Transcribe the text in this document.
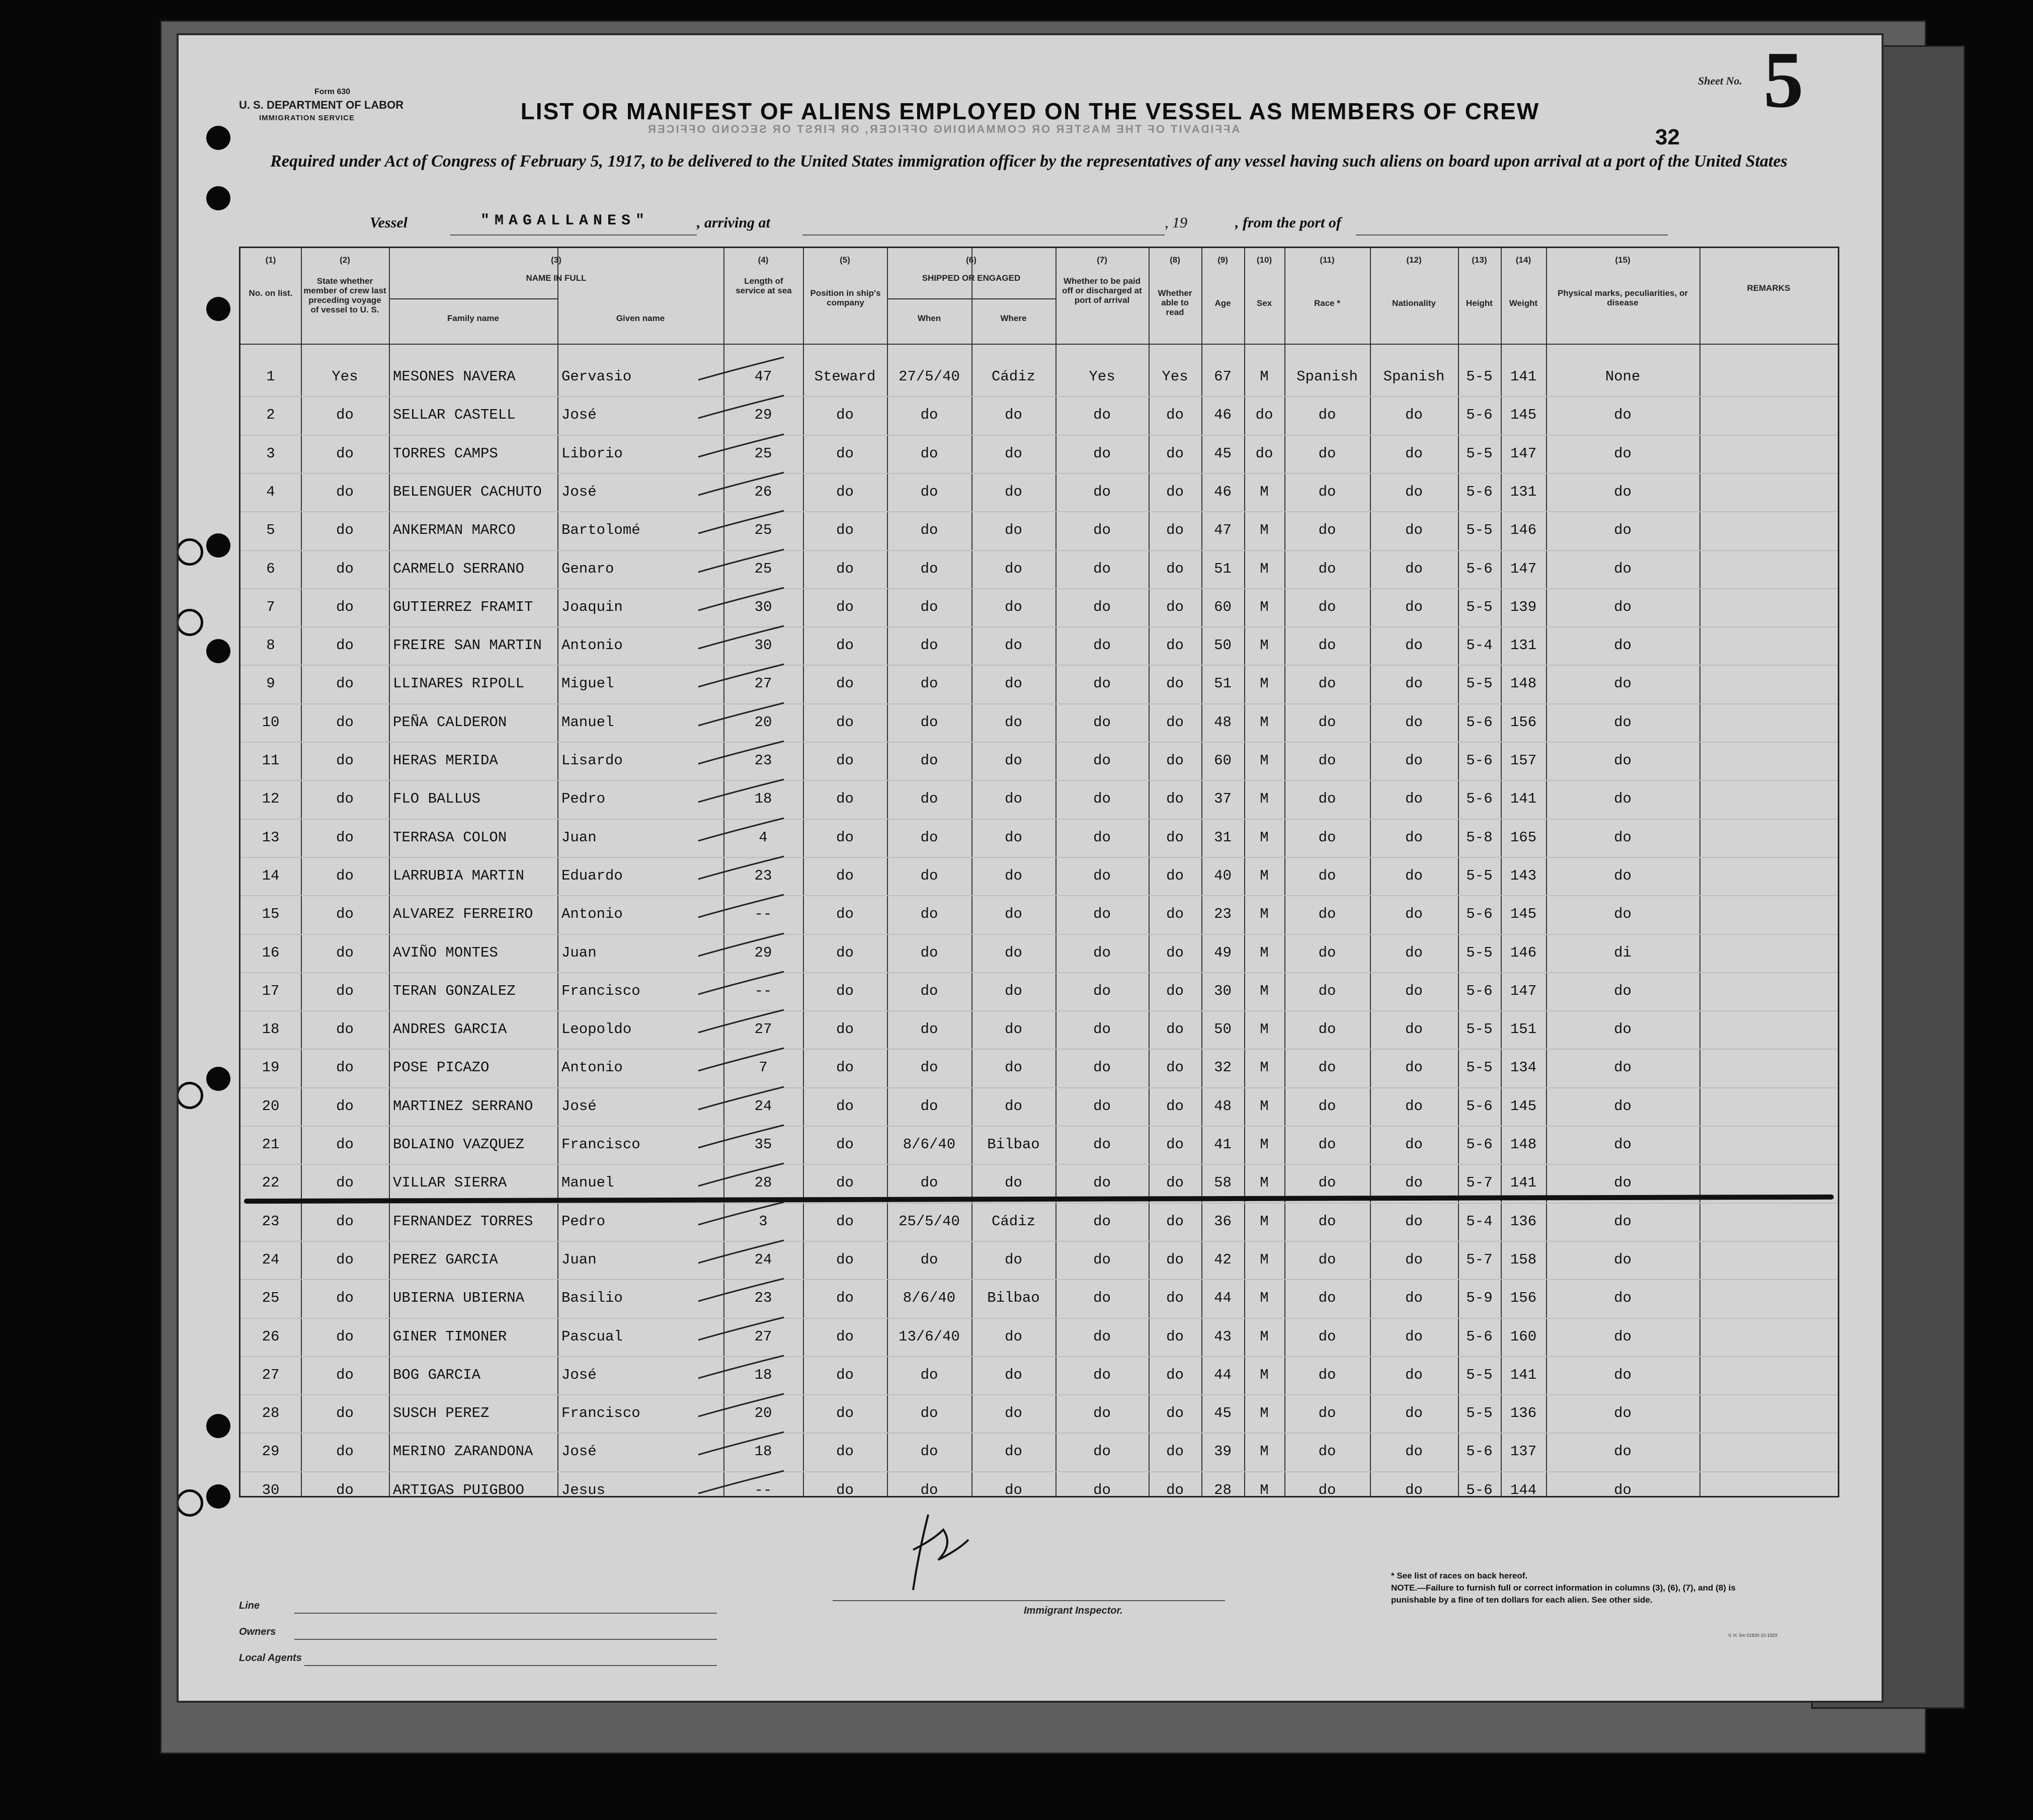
Form 630
U. S. DEPARTMENT OF LABOR
IMMIGRATION SERVICE
Sheet No. 5
LIST OR MANIFEST OF ALIENS EMPLOYED ON THE VESSEL AS MEMBERS OF CREW
AFFIDAVIT OF THE MASTER OR COMMANDING OFFICER, OR FIRST OR SECOND OFFICER	32
Required under Act of Congress of February 5, 1917, to be delivered to the United States immigration officer by the representatives of any vessel having such aliens on board upon arrival at a port of the United States
Vessel	"MAGALLANES"	, arriving at	, 19	, from the port of
(1)	(2)	(3)	(4)	(5)	(6)	(7)	(8)	(9)	(10)	(11)	(12)	(13)	(14)	(15)
No. on list.
State whether member of crew last preceding voyage of vessel to U. S.
NAME IN FULL
Family name	Given name
Length of service at sea	Position in ship's company
SHIPPED OR ENGAGED
When	Where
Whether to be paid off or discharged at port of arrival
Whether able to read
Age	Sex	Race *	Nationality	Height	Weight
Physical marks, peculiarities, or disease
REMARKS
1	Yes	MESONES NAVERA	Gervasio	47	Steward	27/5/40	Cádiz	Yes	Yes	67	M	Spanish	Spanish	5-5	141	None
2	do	SELLAR CASTELL	José	29	do	do	do	do	do	46	do	do	do	5-6	145	do
3	do	TORRES CAMPS	Liborio	25	do	do	do	do	do	45	do	do	do	5-5	147	do
4	do	BELENGUER CACHUTO	José	26	do	do	do	do	do	46	M	do	do	5-6	131	do
5	do	ANKERMAN MARCO	Bartolomé	25	do	do	do	do	do	47	M	do	do	5-5	146	do
6	do	CARMELO SERRANO	Genaro	25	do	do	do	do	do	51	M	do	do	5-6	147	do
7	do	GUTIERREZ FRAMIT	Joaquin	30	do	do	do	do	do	60	M	do	do	5-5	139	do
8	do	FREIRE SAN MARTIN	Antonio	30	do	do	do	do	do	50	M	do	do	5-4	131	do
9	do	LLINARES RIPOLL	Miguel	27	do	do	do	do	do	51	M	do	do	5-5	148	do
10	do	PEÑA CALDERON	Manuel	20	do	do	do	do	do	48	M	do	do	5-6	156	do
11	do	HERAS MERIDA	Lisardo	23	do	do	do	do	do	60	M	do	do	5-6	157	do
12	do	FLO BALLUS	Pedro	18	do	do	do	do	do	37	M	do	do	5-6	141	do
13	do	TERRASA COLON	Juan	4	do	do	do	do	do	31	M	do	do	5-8	165	do
14	do	LARRUBIA MARTIN	Eduardo	23	do	do	do	do	do	40	M	do	do	5-5	143	do
15	do	ALVAREZ FERREIRO	Antonio	--	do	do	do	do	do	23	M	do	do	5-6	145	do
16	do	AVIÑO MONTES	Juan	29	do	do	do	do	do	49	M	do	do	5-5	146	di
17	do	TERAN GONZALEZ	Francisco	--	do	do	do	do	do	30	M	do	do	5-6	147	do
18	do	ANDRES GARCIA	Leopoldo	27	do	do	do	do	do	50	M	do	do	5-5	151	do
19	do	POSE PICAZO	Antonio	7	do	do	do	do	do	32	M	do	do	5-5	134	do
20	do	MARTINEZ SERRANO	José	24	do	do	do	do	do	48	M	do	do	5-6	145	do
21	do	BOLAINO VAZQUEZ	Francisco	35	do	8/6/40	Bilbao	do	do	41	M	do	do	5-6	148	do
22	do	VILLAR SIERRA	Manuel	28	do	do	do	do	do	58	M	do	do	5-7	141	do
23	do	FERNANDEZ TORRES	Pedro	3	do	25/5/40	Cádiz	do	do	36	M	do	do	5-4	136	do
24	do	PEREZ GARCIA	Juan	24	do	do	do	do	do	42	M	do	do	5-7	158	do
25	do	UBIERNA UBIERNA	Basilio	23	do	8/6/40	Bilbao	do	do	44	M	do	do	5-9	156	do
26	do	GINER TIMONER	Pascual	27	do	13/6/40	do	do	do	43	M	do	do	5-6	160	do
27	do	BOG GARCIA	José	18	do	do	do	do	do	44	M	do	do	5-5	141	do
28	do	SUSCH PEREZ	Francisco	20	do	do	do	do	do	45	M	do	do	5-5	136	do
29	do	MERINO ZARANDONA	José	18	do	do	do	do	do	39	M	do	do	5-6	137	do
30	do	ARTIGAS PUIGBOO	Jesus	--	do	do	do	do	do	28	M	do	do	5-6	144	do
Line
Owners
Local Agents
Immigrant Inspector.
* See list of races on back hereof.
NOTE.—Failure to furnish full or correct information in columns (3), (6), (7), and (8) is punishable by a fine of ten dollars for each alien. See other side.
V. H. 5m 01830-10-1929
